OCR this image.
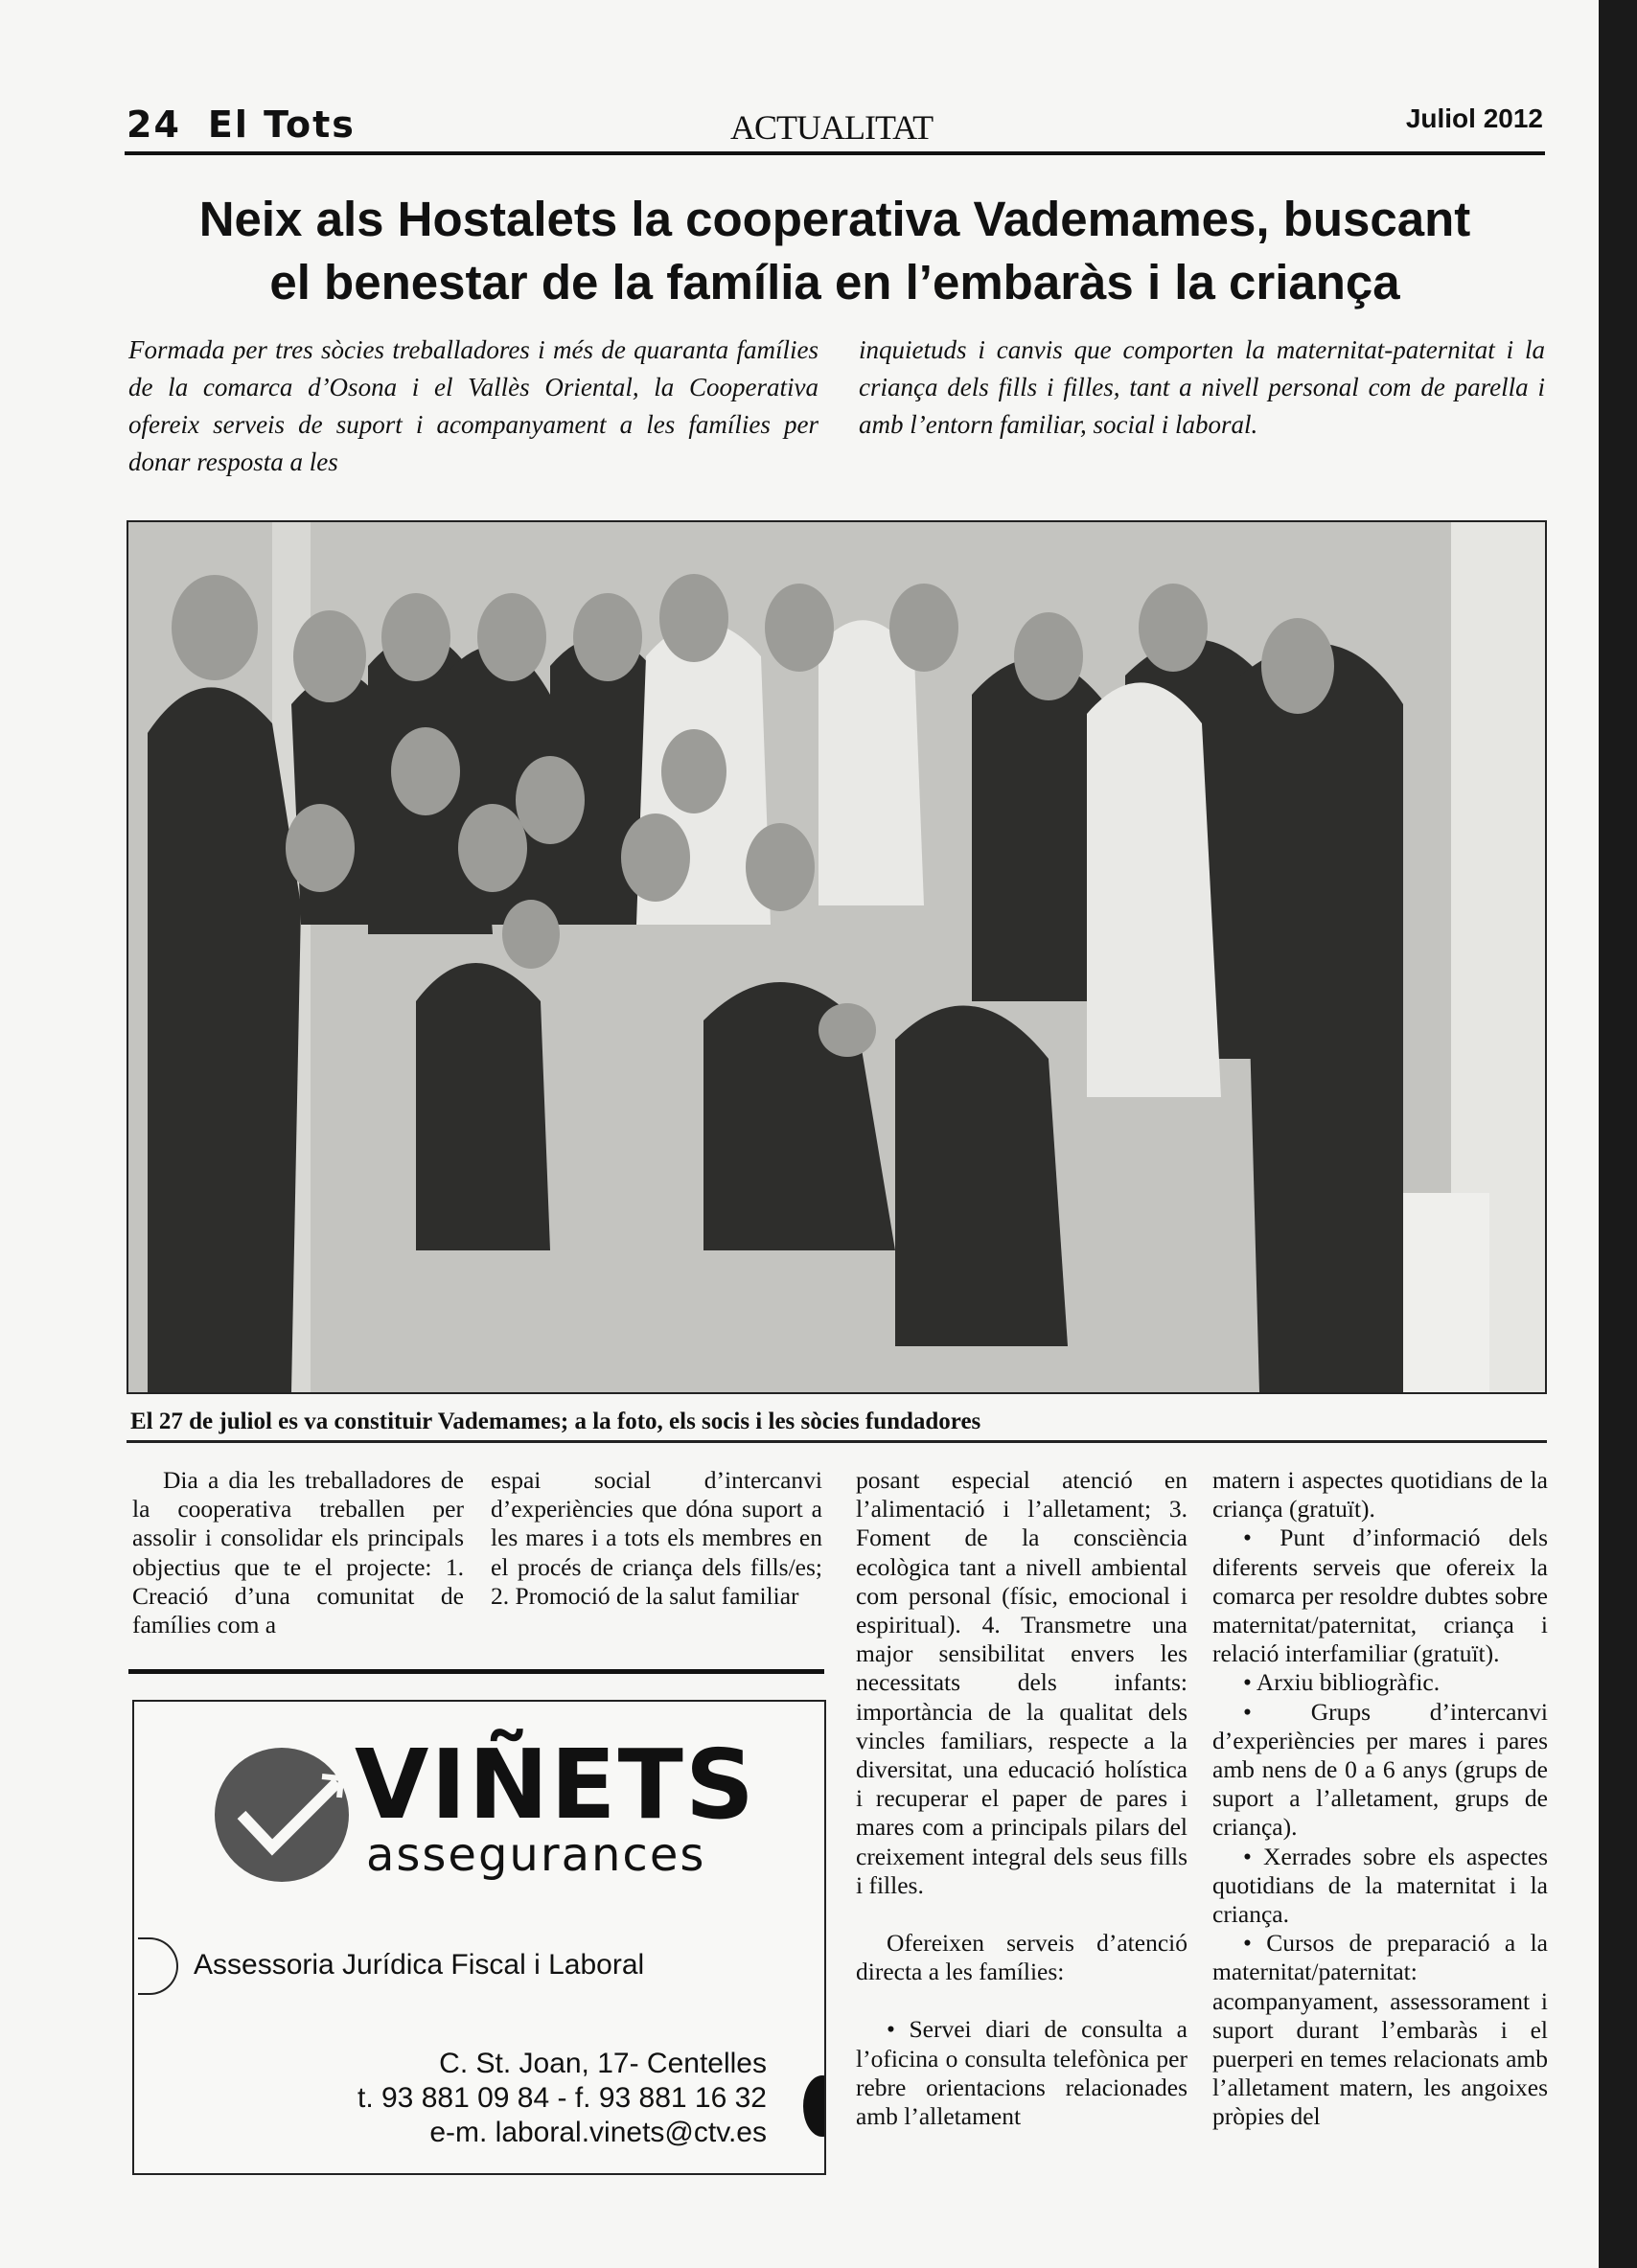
24 El Tots	ACTUALITAT	Juliol 2012
Neix als Hostalets la cooperativa Vademames, buscant
el benestar de la família en l’embaràs i la criança
Formada per tres sòcies treballadores i més de quaranta famílies de la comarca d’Osona i el Vallès Oriental, la Cooperativa ofereix serveis de suport i acompanyament a les famílies per donar resposta a les
inquietuds i canvis que comporten la maternitat-paternitat i la criança dels fills i filles, tant a nivell personal com de parella i amb l’entorn familiar, social i laboral.
El 27 de juliol es va constituir Vademames; a la foto, els socis i les sòcies fundadores

Dia a dia les treballadores de la cooperativa treballen per assolir i consolidar els principals objectius que te el projecte: 1. Creació d’una comunitat de famílies com a

espai social d’intercanvi d’experiències que dóna suport a les mares i a tots els membres en el procés de criança dels fills/es; 2. Promoció de la salut familiar

posant especial atenció en l’alimentació i l’alletament; 3. Foment de la consciència ecològica tant a nivell ambiental com personal (físic, emocional i espiritual). 4. Transmetre una major sensibilitat envers les necessitats dels infants: importància de la qualitat dels vincles familiars, respecte a la diversitat, una educació holística i recuperar el paper de pares i mares com a principals pilars del creixement integral dels seus fills i filles.

Ofereixen serveis d’atenció directa a les famílies:

• Servei diari de consulta a l’oficina o consulta telefònica per rebre orientacions relacionades amb l’alletament

matern i aspectes quotidians de la criança (gratuït).

• Punt d’informació dels diferents serveis que ofereix la comarca per resoldre dubtes sobre maternitat/paternitat, criança i relació interfamiliar (gratuït).

• Arxiu bibliogràfic.

• Grups d’intercanvi d’experiències per mares i pares amb nens de 0 a 6 anys (grups de suport a l’alletament, grups de criança).

• Xerrades sobre els aspectes quotidians de la maternitat i la criança.

• Cursos de preparació a la maternitat/paternitat: acompanyament, assessorament i suport durant l’embaràs i el puerperi en temes relacionats amb l’alletament matern, les angoixes pròpies del

VIÑETS
assegurances
Assessoria Jurídica Fiscal i Laboral
C. St. Joan, 17- Centelles
t. 93 881 09 84 - f. 93 881 16 32
e-m. laboral.vinets@ctv.es
